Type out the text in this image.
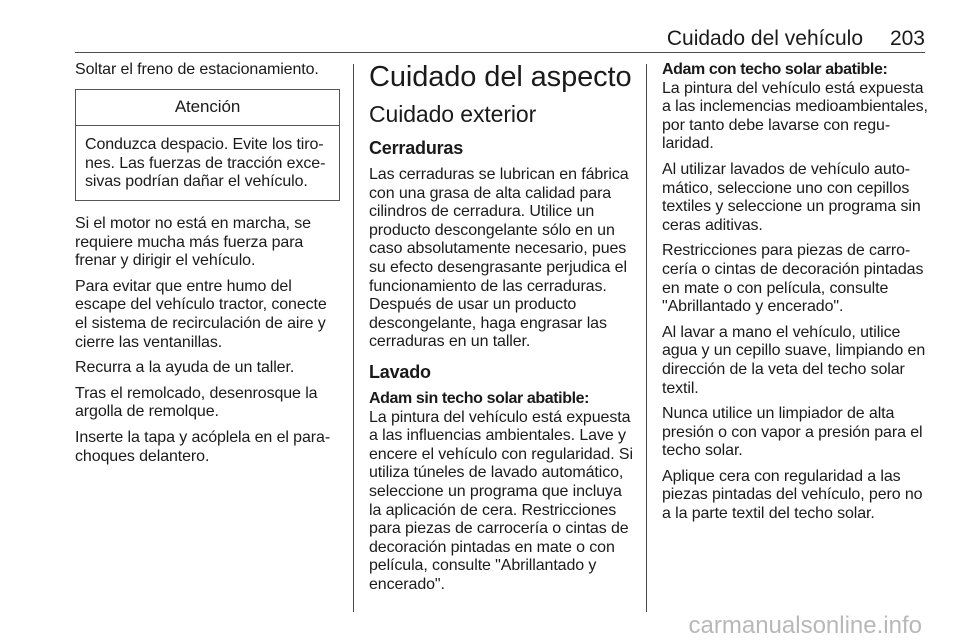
Cuidado del vehículo 203

Soltar el freno de estacionamiento.

Atención
Conduzca despacio. Evite los tirones. Las fuerzas de tracción excesivas podrían dañar el vehículo.

Si el motor no está en marcha, se requiere mucha más fuerza para frenar y dirigir el vehículo.

Para evitar que entre humo del escape del vehículo tractor, conecte el sistema de recirculación de aire y cierre las ventanillas.

Recurra a la ayuda de un taller.

Tras el remolcado, desenrosque la argolla de remolque.

Inserte la tapa y acóplela en el parachoques delantero.

Cuidado del aspecto
Cuidado exterior
Cerraduras

Las cerraduras se lubrican en fábrica con una grasa de alta calidad para cilindros de cerradura. Utilice un producto descongelante sólo en un caso absolutamente necesario, pues su efecto desengrasante perjudica el funcionamiento de las cerraduras. Después de usar un producto descongelante, haga engrasar las cerraduras en un taller.

Lavado
Adam sin techo solar abatible:

La pintura del vehículo está expuesta a las influencias ambientales. Lave y encere el vehículo con regularidad. Si utiliza túneles de lavado automático, seleccione un programa que incluya la aplicación de cera. Restricciones para piezas de carrocería o cintas de decoración pintadas en mate o con película, consulte "Abrillantado y encerado".

Adam con techo solar abatible:

La pintura del vehículo está expuesta a las inclemencias medioambientales, por tanto debe lavarse con regularidad.

Al utilizar lavados de vehículo automático, seleccione uno con cepillos textiles y seleccione un programa sin ceras aditivas.

Restricciones para piezas de carrocería o cintas de decoración pintadas en mate o con película, consulte "Abrillantado y encerado".

Al lavar a mano el vehículo, utilice agua y un cepillo suave, limpiando en dirección de la veta del techo solar textil.

Nunca utilice un limpiador de alta presión o con vapor a presión para el techo solar.

Aplique cera con regularidad a las piezas pintadas del vehículo, pero no a la parte textil del techo solar.

carmanualsonline.info
